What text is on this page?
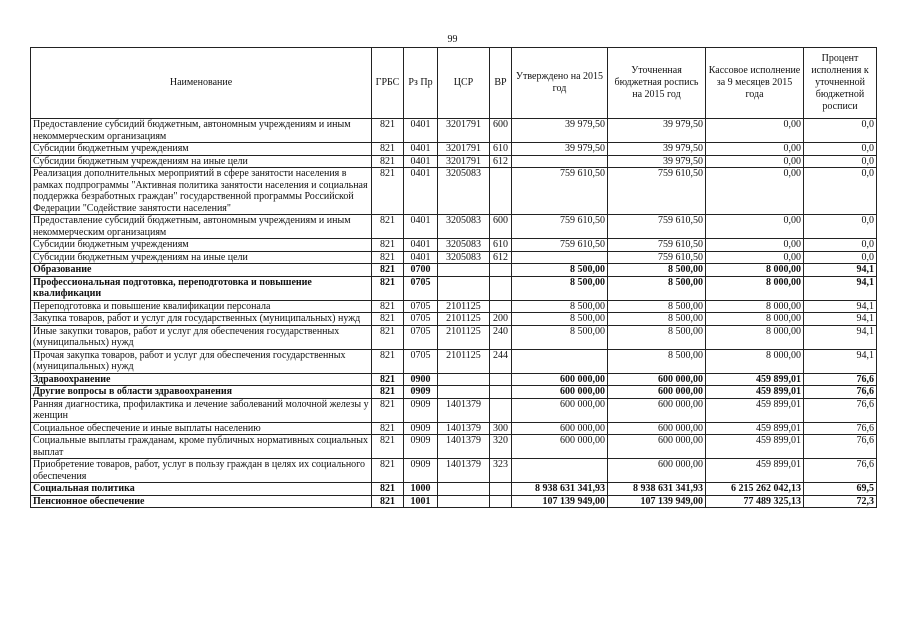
99
Наименование	ГРБС	Рз Пр	ЦСР	ВР	Утверждено на 2015 год	Уточненная бюджетная роспись на 2015 год	Кассовое исполнение за 9 месяцев 2015 года	Процент исполнения к уточненной бюджетной росписи
Предоставление субсидий бюджетным, автономным учреждениям и иным некоммерческим организациям	821	0401	3201791	600	39 979,50	39 979,50	0,00	0,0
Субсидии бюджетным учреждениям	821	0401	3201791	610	39 979,50	39 979,50	0,00	0,0
Субсидии бюджетным учреждениям на иные цели	821	0401	3201791	612		39 979,50	0,00	0,0
Реализация дополнительных мероприятий в сфере занятости населения в рамках подпрограммы "Активная политика занятости населения и социальная поддержка безработных граждан" государственной программы Российской Федерации "Содействие занятости населения"	821	0401	3205083		759 610,50	759 610,50	0,00	0,0
Предоставление субсидий бюджетным, автономным учреждениям и иным некоммерческим организациям	821	0401	3205083	600	759 610,50	759 610,50	0,00	0,0
Субсидии бюджетным учреждениям	821	0401	3205083	610	759 610,50	759 610,50	0,00	0,0
Субсидии бюджетным учреждениям на иные цели	821	0401	3205083	612		759 610,50	0,00	0,0
Образование	821	0700			8 500,00	8 500,00	8 000,00	94,1
Профессиональная подготовка, переподготовка и повышение квалификации	821	0705			8 500,00	8 500,00	8 000,00	94,1
Переподготовка и повышение квалификации персонала	821	0705	2101125		8 500,00	8 500,00	8 000,00	94,1
Закупка товаров, работ и услуг для государственных (муниципальных) нужд	821	0705	2101125	200	8 500,00	8 500,00	8 000,00	94,1
Иные закупки товаров, работ и услуг для обеспечения государственных (муниципальных) нужд	821	0705	2101125	240	8 500,00	8 500,00	8 000,00	94,1
Прочая закупка товаров, работ и услуг для обеспечения государственных (муниципальных) нужд	821	0705	2101125	244		8 500,00	8 000,00	94,1
Здравоохранение	821	0900			600 000,00	600 000,00	459 899,01	76,6
Другие вопросы в области здравоохранения	821	0909			600 000,00	600 000,00	459 899,01	76,6
Ранняя диагностика, профилактика и лечение заболеваний молочной железы у женщин	821	0909	1401379		600 000,00	600 000,00	459 899,01	76,6
Социальное обеспечение и иные выплаты населению	821	0909	1401379	300	600 000,00	600 000,00	459 899,01	76,6
Социальные выплаты гражданам, кроме публичных нормативных социальных выплат	821	0909	1401379	320	600 000,00	600 000,00	459 899,01	76,6
Приобретение товаров, работ, услуг в пользу граждан в целях их социального обеспечения	821	0909	1401379	323		600 000,00	459 899,01	76,6
Социальная политика	821	1000			8 938 631 341,93	8 938 631 341,93	6 215 262 042,13	69,5
Пенсионное обеспечение	821	1001			107 139 949,00	107 139 949,00	77 489 325,13	72,3
